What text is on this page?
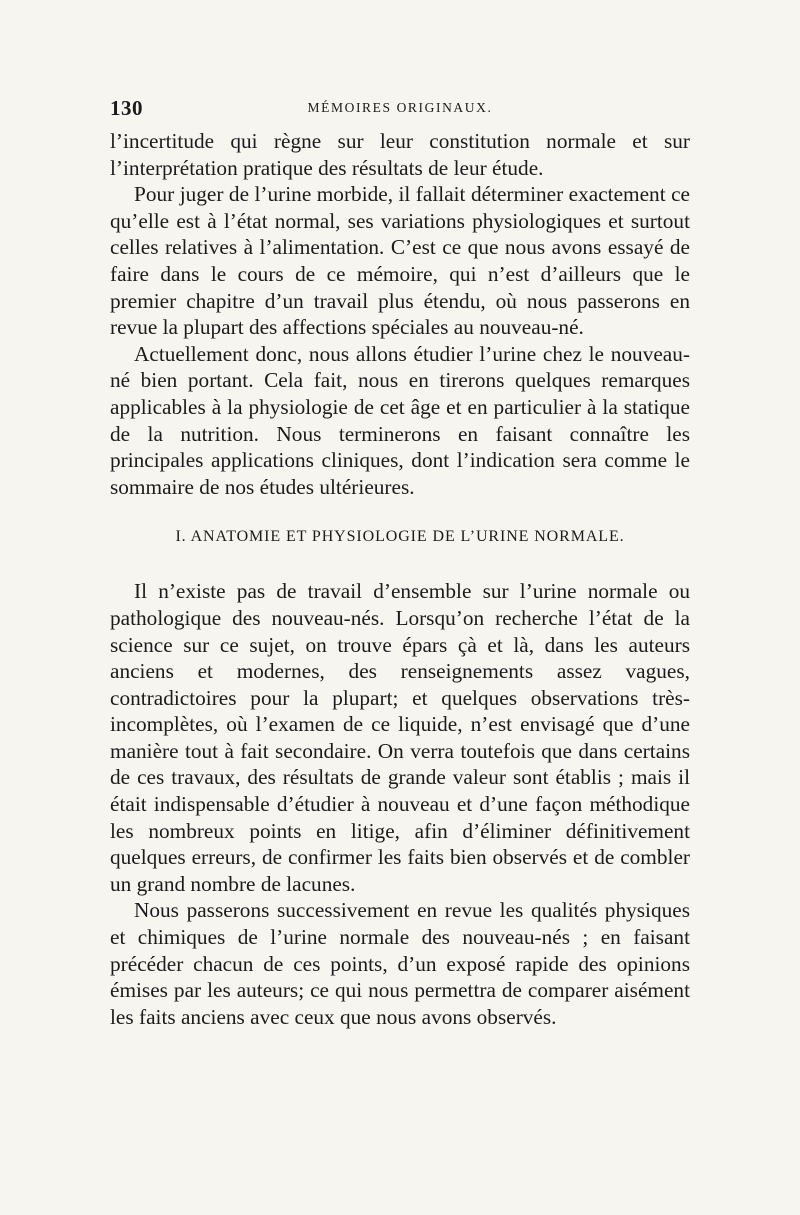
130	MÉMOIRES ORIGINAUX.

l’incertitude qui règne sur leur constitution normale et sur l’interprétation pratique des résultats de leur étude.

Pour juger de l’urine morbide, il fallait déterminer exactement ce qu’elle est à l’état normal, ses variations physiologiques et surtout celles relatives à l’alimentation. C’est ce que nous avons essayé de faire dans le cours de ce mémoire, qui n’est d’ailleurs que le premier chapitre d’un travail plus étendu, où nous passerons en revue la plupart des affections spéciales au nouveau-né.

Actuellement donc, nous allons étudier l’urine chez le nouveau-né bien portant. Cela fait, nous en tirerons quelques remarques applicables à la physiologie de cet âge et en particulier à la statique de la nutrition. Nous terminerons en faisant connaître les principales applications cliniques, dont l’indication sera comme le sommaire de nos études ultérieures.

I. ANATOMIE ET PHYSIOLOGIE DE L’URINE NORMALE.

Il n’existe pas de travail d’ensemble sur l’urine normale ou pathologique des nouveau-nés. Lorsqu’on recherche l’état de la science sur ce sujet, on trouve épars çà et là, dans les auteurs anciens et modernes, des renseignements assez vagues, contradictoires pour la plupart; et quelques observations très-incomplètes, où l’examen de ce liquide, n’est envisagé que d’une manière tout à fait secondaire. On verra toutefois que dans certains de ces travaux, des résultats de grande valeur sont établis ; mais il était indispensable d’étudier à nouveau et d’une façon méthodique les nombreux points en litige, afin d’éliminer définitivement quelques erreurs, de confirmer les faits bien observés et de combler un grand nombre de lacunes.

Nous passerons successivement en revue les qualités physiques et chimiques de l’urine normale des nouveau-nés ; en faisant précéder chacun de ces points, d’un exposé rapide des opinions émises par les auteurs; ce qui nous permettra de comparer aisément les faits anciens avec ceux que nous avons observés.
